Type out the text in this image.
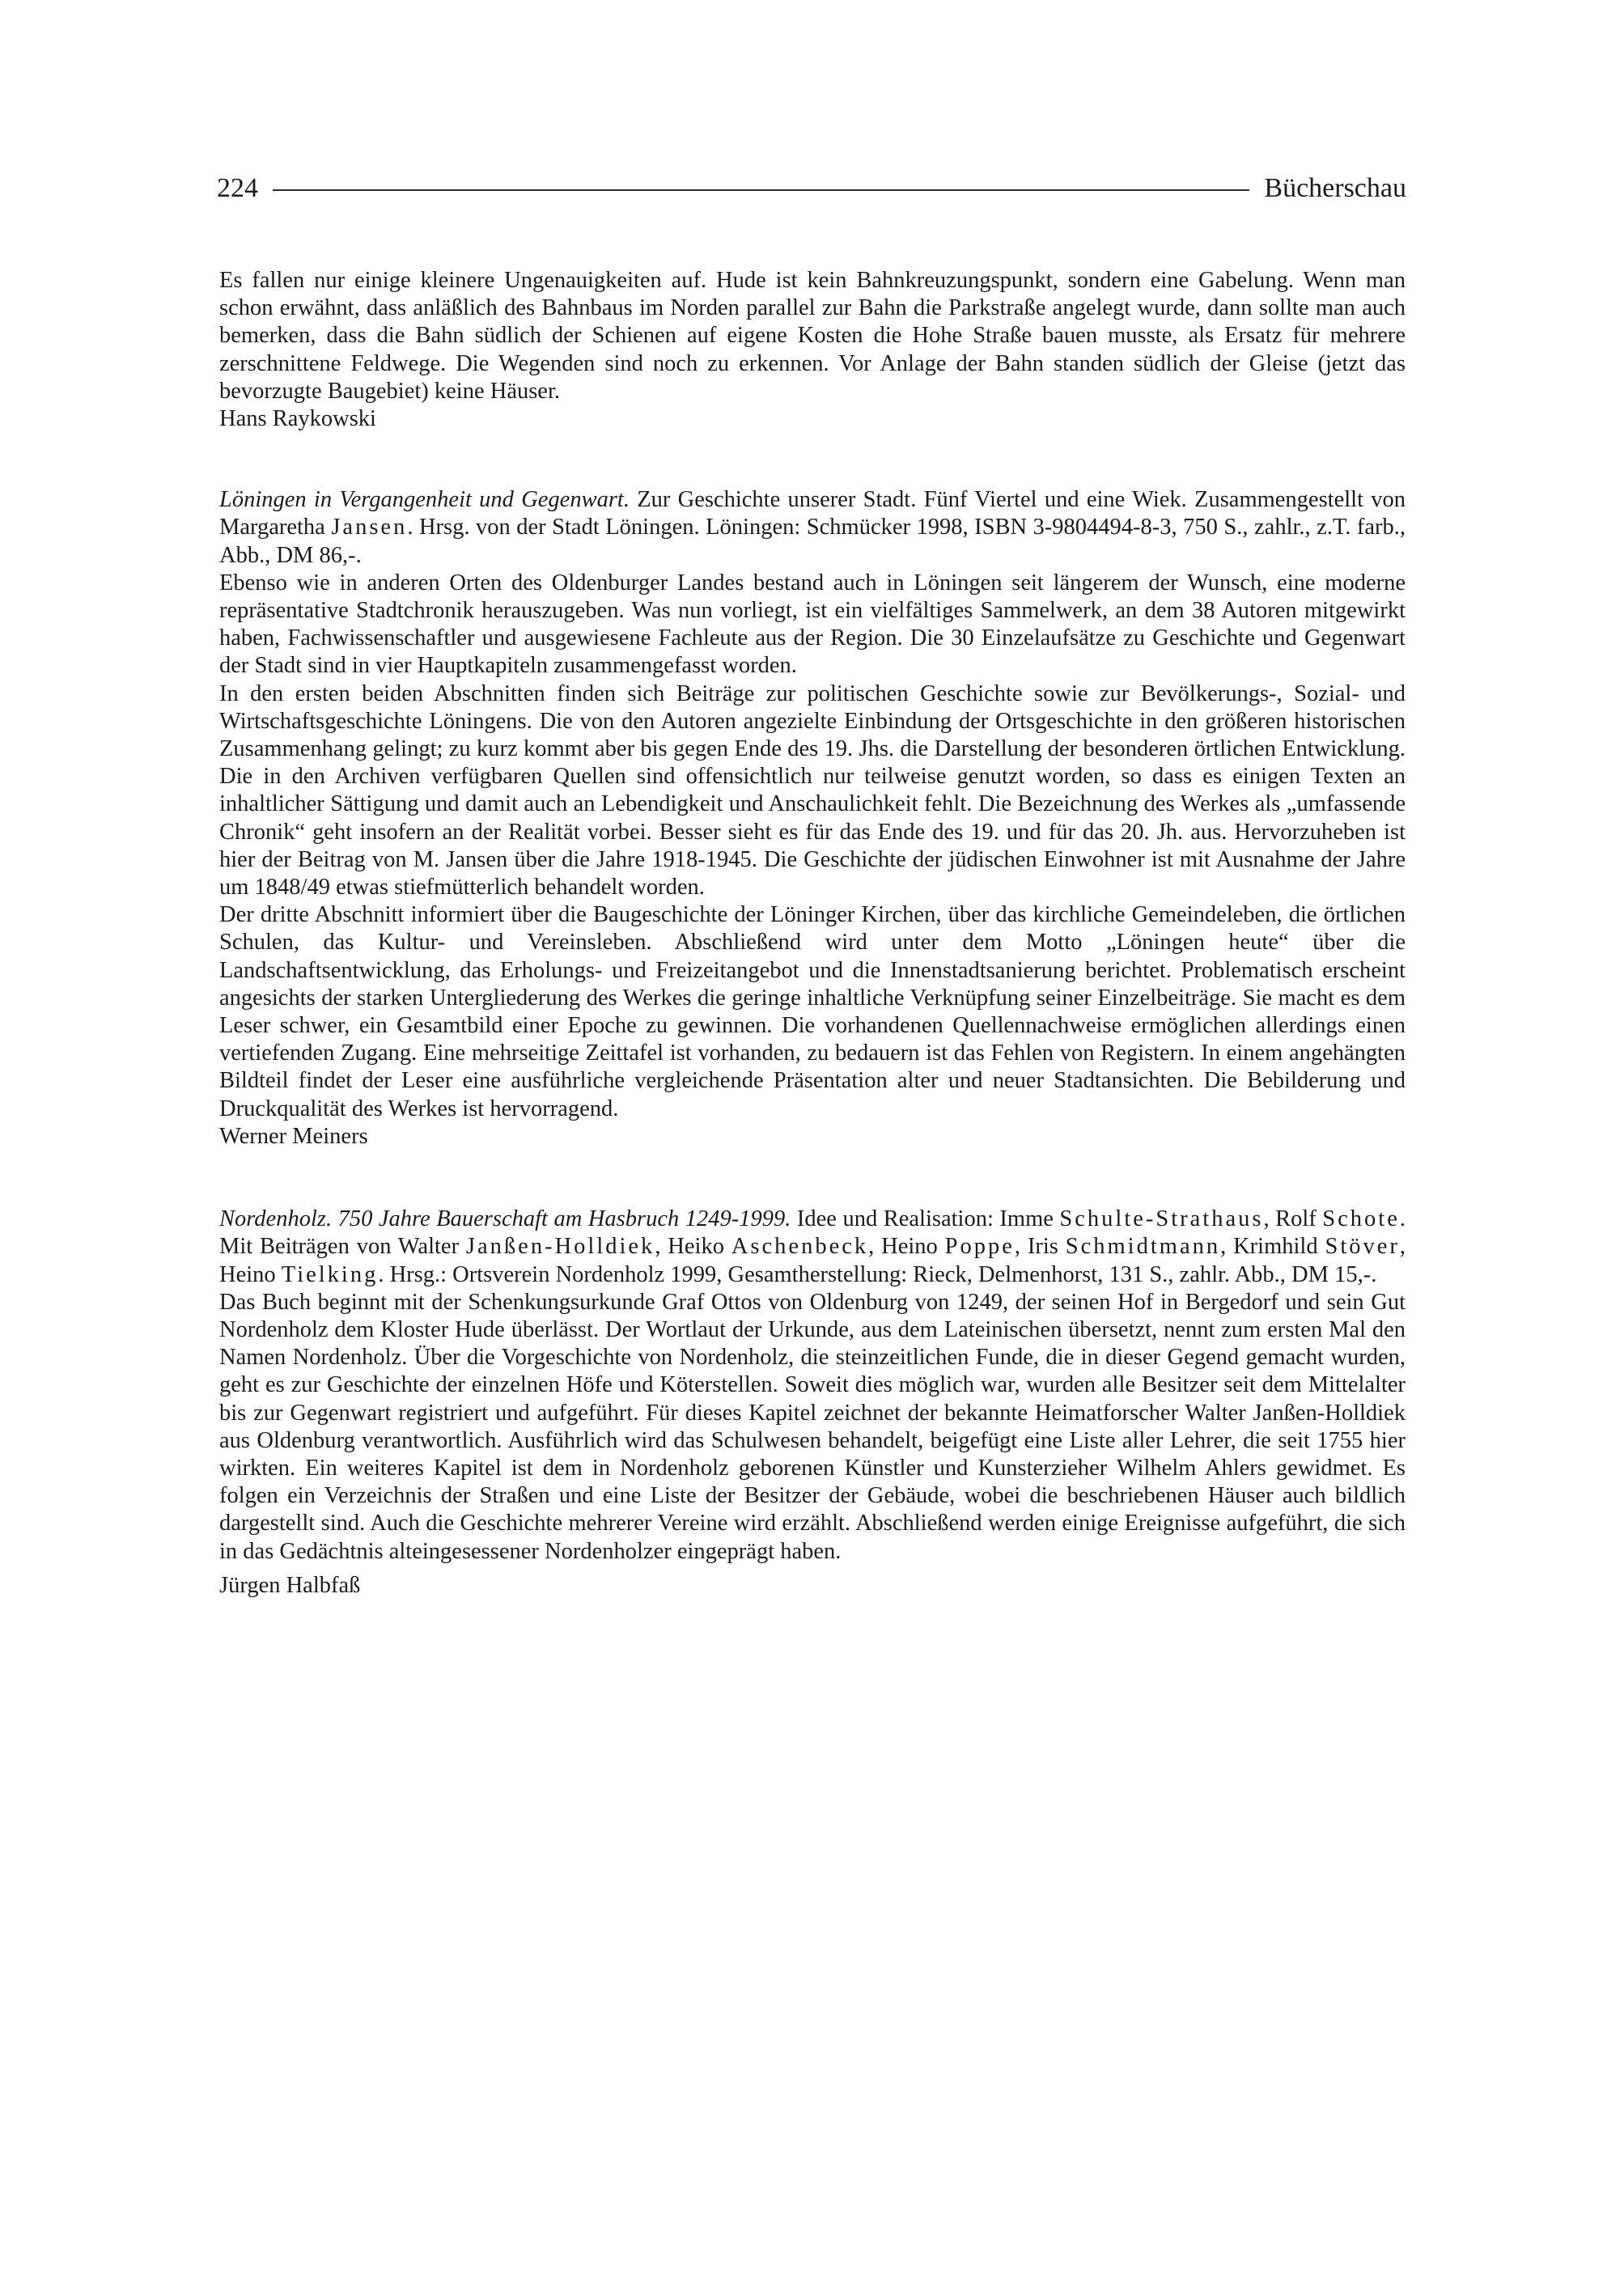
224	Bücherschau

Es fallen nur einige kleinere Ungenauigkeiten auf. Hude ist kein Bahnkreuzungspunkt, sondern eine Gabelung. Wenn man schon erwähnt, dass anläßlich des Bahnbaus im Norden parallel zur Bahn die Parkstraße angelegt wurde, dann sollte man auch bemerken, dass die Bahn südlich der Schienen auf eigene Kosten die Hohe Straße bauen musste, als Ersatz für mehrere zerschnittene Feldwege. Die Wegenden sind noch zu erkennen. Vor Anlage der Bahn standen südlich der Gleise (jetzt das bevorzugte Baugebiet) keine Häuser.

Hans Raykowski

Löningen in Vergangenheit und Gegenwart. Zur Geschichte unserer Stadt. Fünf Viertel und eine Wiek. Zusammengestellt von Margaretha Jansen. Hrsg. von der Stadt Löningen. Löningen: Schmücker 1998, ISBN 3-9804494-8-3, 750 S., zahlr., z.T. farb., Abb., DM 86,-.

Ebenso wie in anderen Orten des Oldenburger Landes bestand auch in Löningen seit längerem der Wunsch, eine moderne repräsentative Stadtchronik herauszugeben. Was nun vorliegt, ist ein vielfältiges Sammelwerk, an dem 38 Autoren mitgewirkt haben, Fachwissenschaftler und ausgewiesene Fachleute aus der Region. Die 30 Einzelaufsätze zu Geschichte und Gegenwart der Stadt sind in vier Hauptkapiteln zusammengefasst worden.

In den ersten beiden Abschnitten finden sich Beiträge zur politischen Geschichte sowie zur Bevölkerungs-, Sozial- und Wirtschaftsgeschichte Löningens. Die von den Autoren angezielte Einbindung der Ortsgeschichte in den größeren historischen Zusammenhang gelingt; zu kurz kommt aber bis gegen Ende des 19. Jhs. die Darstellung der besonderen örtlichen Entwicklung. Die in den Archiven verfügbaren Quellen sind offensichtlich nur teilweise genutzt worden, so dass es einigen Texten an inhaltlicher Sättigung und damit auch an Lebendigkeit und Anschaulichkeit fehlt. Die Bezeichnung des Werkes als „umfassende Chronik“ geht insofern an der Realität vorbei. Besser sieht es für das Ende des 19. und für das 20. Jh. aus. Hervorzuheben ist hier der Beitrag von M. Jansen über die Jahre 1918-1945. Die Geschichte der jüdischen Einwohner ist mit Ausnahme der Jahre um 1848/49 etwas stiefmütterlich behandelt worden.

Der dritte Abschnitt informiert über die Baugeschichte der Löninger Kirchen, über das kirchliche Gemeindeleben, die örtlichen Schulen, das Kultur- und Vereinsleben. Abschließend wird unter dem Motto „Löningen heute“ über die Landschaftsentwicklung, das Erholungs- und Freizeitangebot und die Innenstadtsanierung berichtet. Problematisch erscheint angesichts der starken Untergliederung des Werkes die geringe inhaltliche Verknüpfung seiner Einzelbeiträge. Sie macht es dem Leser schwer, ein Gesamtbild einer Epoche zu gewinnen. Die vorhandenen Quellennachweise ermöglichen allerdings einen vertiefenden Zugang. Eine mehrseitige Zeittafel ist vorhanden, zu bedauern ist das Fehlen von Registern. In einem angehängten Bildteil findet der Leser eine ausführliche vergleichende Präsentation alter und neuer Stadtansichten. Die Bebilderung und Druckqualität des Werkes ist hervorragend.

Werner Meiners

Nordenholz. 750 Jahre Bauerschaft am Hasbruch 1249-1999. Idee und Realisation: Imme Schulte-Strathaus, Rolf Schote. Mit Beiträgen von Walter Janßen-Holldiek, Heiko Aschenbeck, Heino Poppe, Iris Schmidtmann, Krimhild Stöver, Heino Tielking. Hrsg.: Ortsverein Nordenholz 1999, Gesamtherstellung: Rieck, Delmenhorst, 131 S., zahlr. Abb., DM 15,-.

Das Buch beginnt mit der Schenkungsurkunde Graf Ottos von Oldenburg von 1249, der seinen Hof in Bergedorf und sein Gut Nordenholz dem Kloster Hude überlässt. Der Wortlaut der Urkunde, aus dem Lateinischen übersetzt, nennt zum ersten Mal den Namen Nordenholz. Über die Vorgeschichte von Nordenholz, die steinzeitlichen Funde, die in dieser Gegend gemacht wurden, geht es zur Geschichte der einzelnen Höfe und Köterstellen. Soweit dies möglich war, wurden alle Besitzer seit dem Mittelalter bis zur Gegenwart registriert und aufgeführt. Für dieses Kapitel zeichnet der bekannte Heimatforscher Walter Janßen-Holldiek aus Oldenburg verantwortlich. Ausführlich wird das Schulwesen behandelt, beigefügt eine Liste aller Lehrer, die seit 1755 hier wirkten. Ein weiteres Kapitel ist dem in Nordenholz geborenen Künstler und Kunsterzieher Wilhelm Ahlers gewidmet. Es folgen ein Verzeichnis der Straßen und eine Liste der Besitzer der Gebäude, wobei die beschriebenen Häuser auch bildlich dargestellt sind. Auch die Geschichte mehrerer Vereine wird erzählt. Abschließend werden einige Ereignisse aufgeführt, die sich in das Gedächtnis alteingesessener Nordenholzer eingeprägt haben.

Jürgen Halbfaß
